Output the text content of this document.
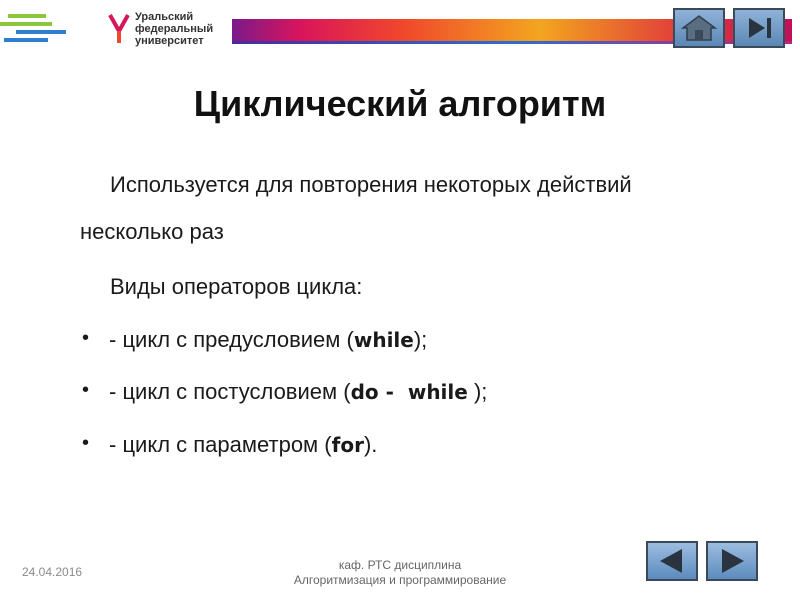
Уральский
федеральный
университет
Циклический алгоритм
Используется для повторения некоторых действий
несколько раз
Виды операторов цикла:
• - цикл с предусловием (while);
• - цикл с постусловием (do -  while );
• - цикл с параметром (for).
24.04.2016	каф. РТС дисциплина
Алгоритмизация и программирование
